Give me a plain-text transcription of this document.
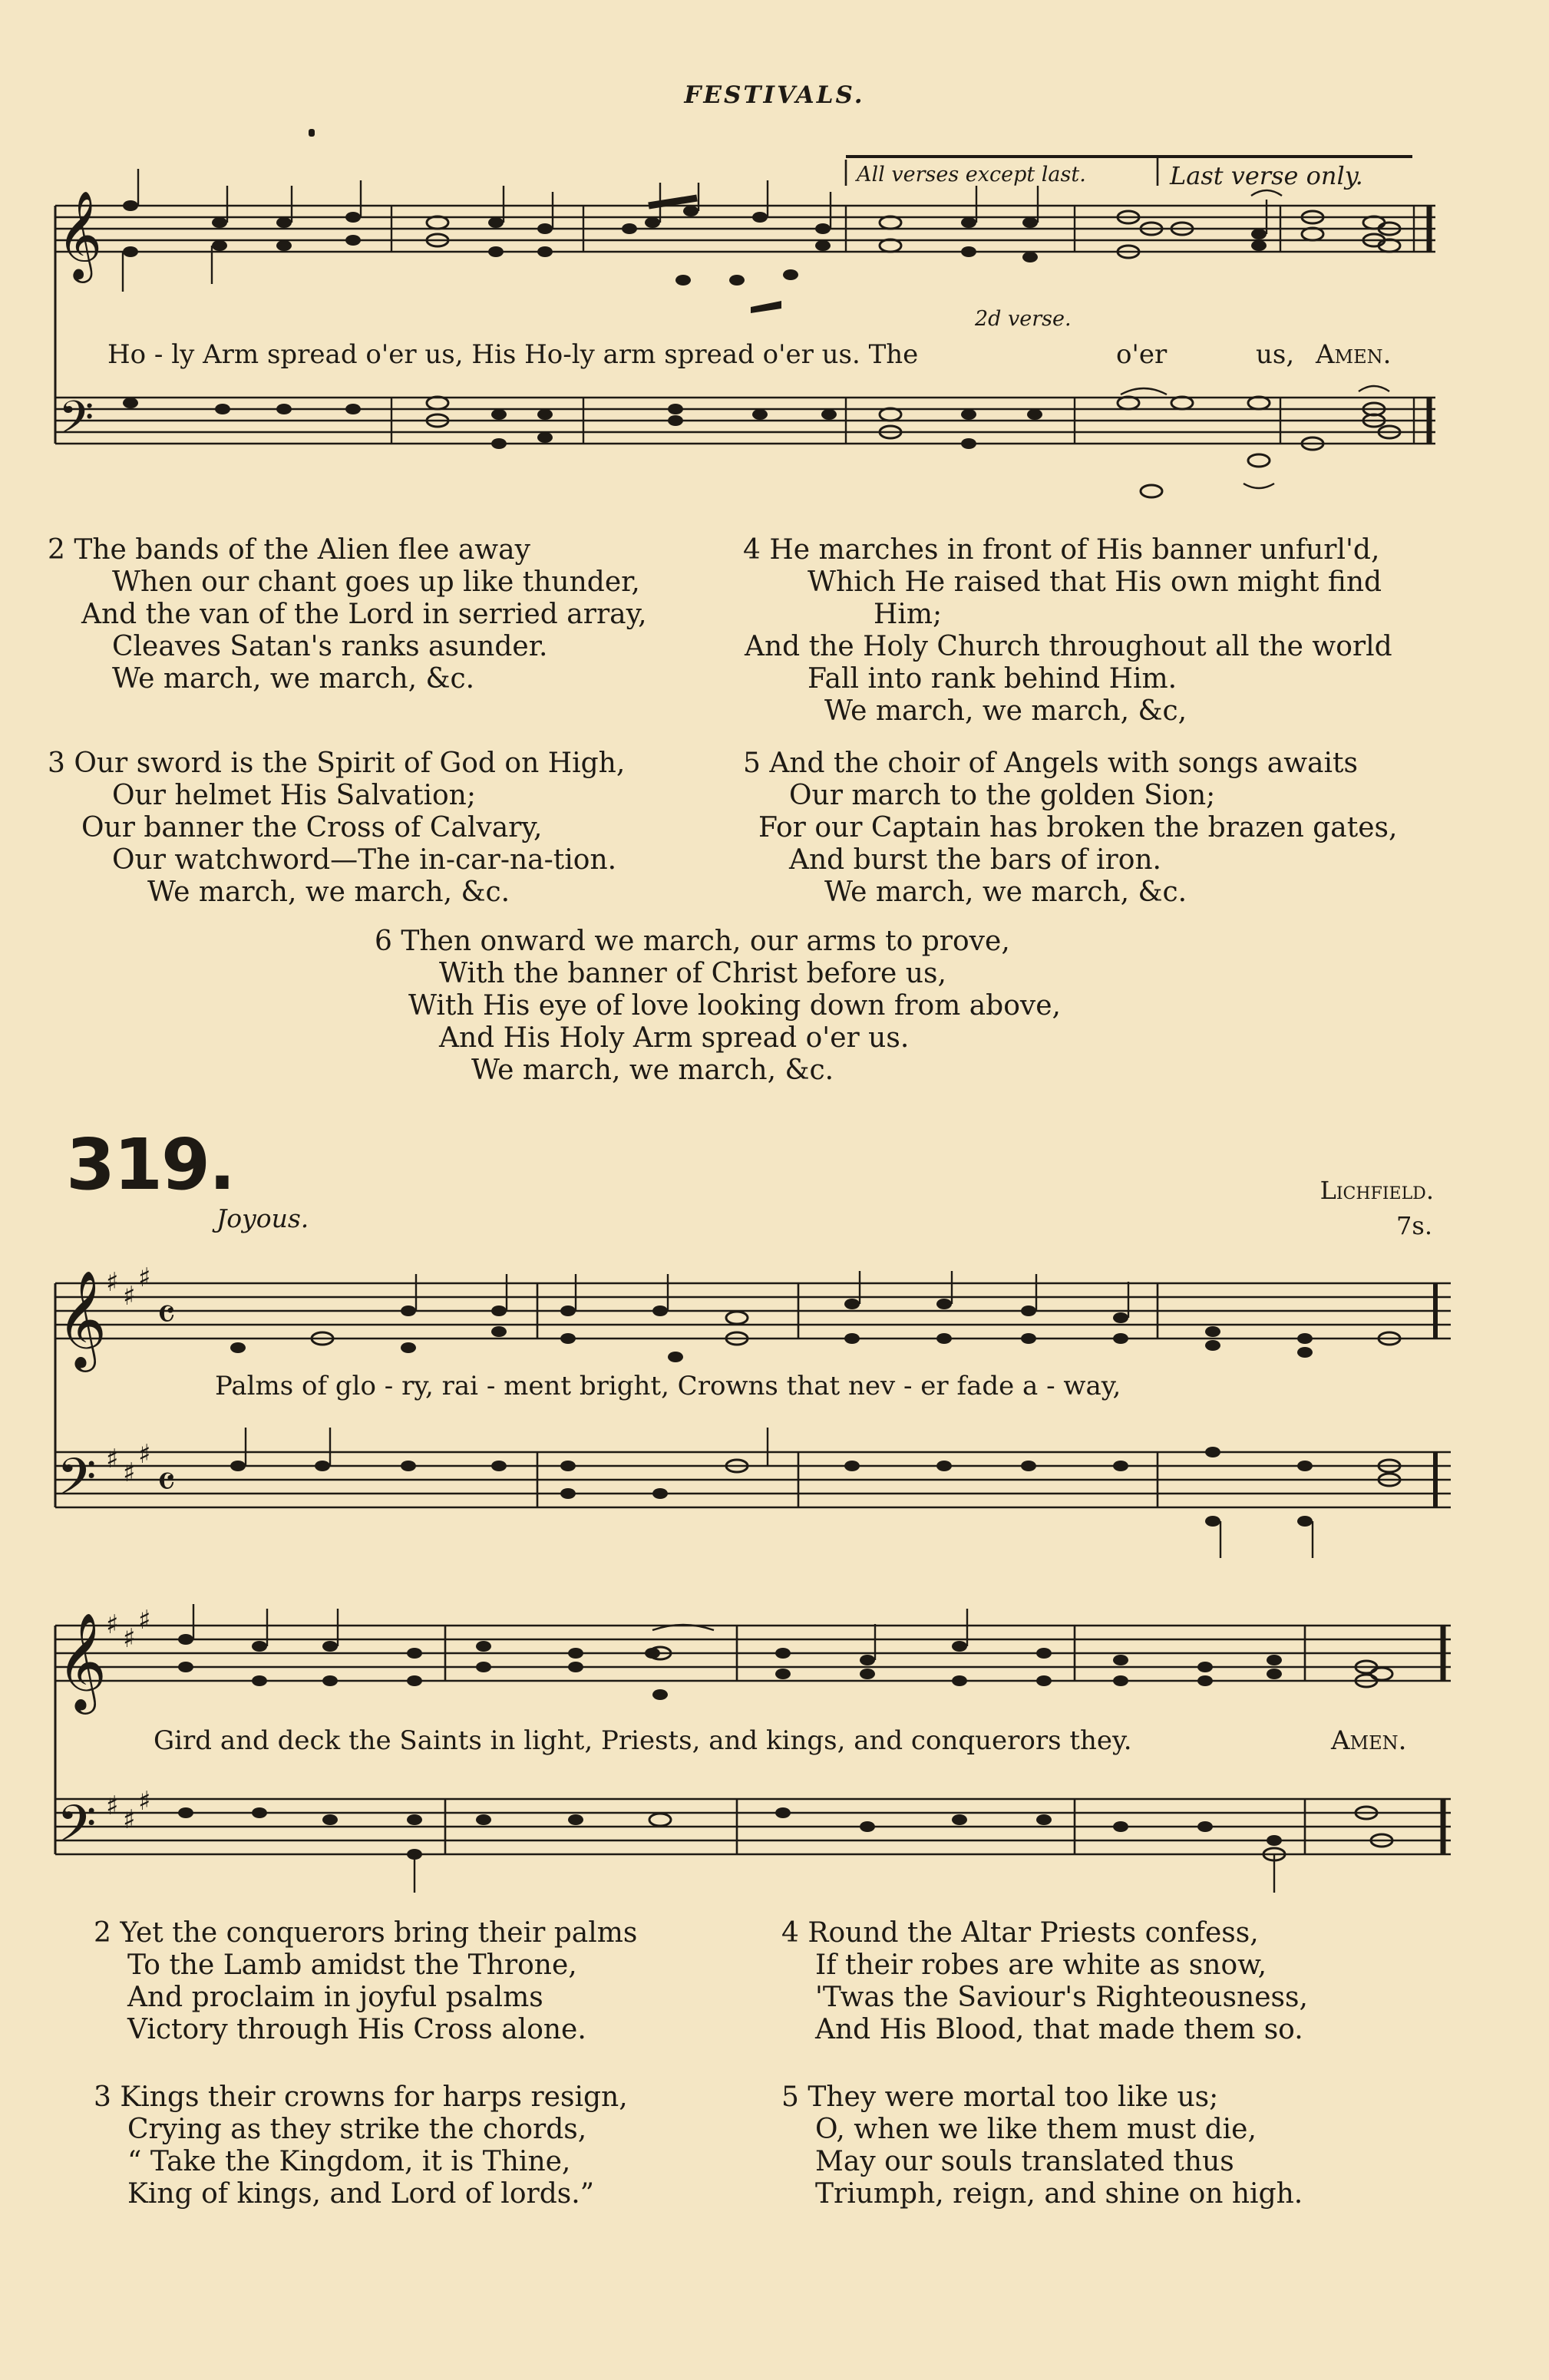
FESTIVALS.
𝄞
𝄢
All verses except last.	Last verse only.
2d verse.
Ho - ly Arm spread o'er us, His Ho-ly arm spread o'er us. The	o'er	us, Amen.
2 The bands of the Alien flee away
When our chant goes up like thunder,
And the van of the Lord in serried array,
Cleaves Satan's ranks asunder.
We march, we march, &c.
3 Our sword is the Spirit of God on High,
Our helmet His Salvation;
Our banner the Cross of Calvary,
Our watchword—The in-car-na-tion.
We march, we march, &c.
4 He marches in front of His banner unfurl'd,
Which He raised that His own might find
Him;
And the Holy Church throughout all the world
Fall into rank behind Him.
We march, we march, &c,
5 And the choir of Angels with songs awaits
Our march to the golden Sion;
For our Captain has broken the brazen gates,
And burst the bars of iron.
We march, we march, &c.
6 Then onward we march, our arms to prove,
With the banner of Christ before us,
With His eye of love looking down from above,
And His Holy Arm spread o'er us.
We march, we march, &c.
319.
Joyous.
Lichfield.
7s.
𝄞
𝄢
♯ ♯
♯
♯ ♯
♯
𝄴
𝄴
Palms of glo - ry, rai - ment bright, Crowns that nev - er fade a - way,
𝄞
𝄢
♯ ♯
♯
♯ ♯
♯
Gird and deck the Saints in light, Priests, and kings, and conquerors they.	Amen.
2 Yet the conquerors bring their palms
To the Lamb amidst the Throne,
And proclaim in joyful psalms
Victory through His Cross alone.
3 Kings their crowns for harps resign,
Crying as they strike the chords,
“ Take the Kingdom, it is Thine,
King of kings, and Lord of lords.”
4 Round the Altar Priests confess,
If their robes are white as snow,
'Twas the Saviour's Righteousness,
And His Blood, that made them so.
5 They were mortal too like us;
O, when we like them must die,
May our souls translated thus
Triumph, reign, and shine on high.
